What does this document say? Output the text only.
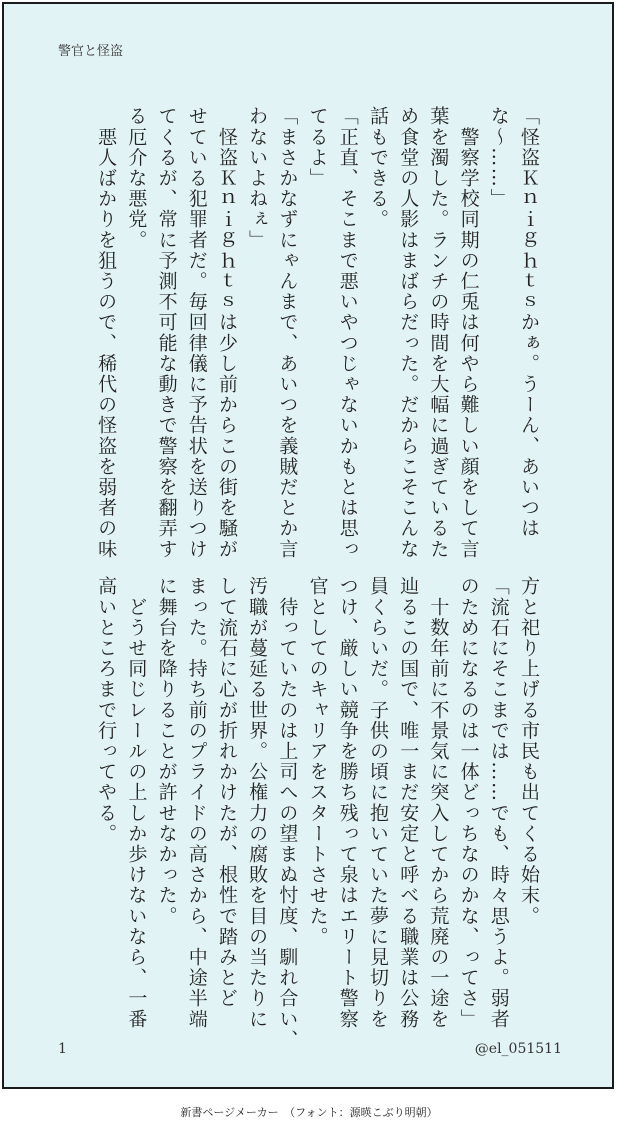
警官と怪盗

「怪盗Ｋｎｉｇｈｔｓかぁ。うーん、あいつは

な〜……」

　警察学校同期の仁兎は何やら難しい顔をして言

葉を濁した。ランチの時間を大幅に過ぎているた

め食堂の人影はまばらだった。だからこそこんな

話もできる。

「正直、そこまで悪いやつじゃないかもとは思っ

てるよ」

「まさかなずにゃんまで、あいつを義賊だとか言

わないよねぇ」

　怪盗Ｋｎｉｇｈｔｓは少し前からこの街を騒が

せている犯罪者だ。毎回律儀に予告状を送りつけ

てくるが、常に予測不可能な動きで警察を翻弄す

る厄介な悪党。

　悪人ばかりを狙うので、稀代の怪盗を弱者の味

方と祀り上げる市民も出てくる始末。

「流石にそこまでは……でも、時々思うよ。弱者

のためになるのは一体どっちなのかな、ってさ」

　十数年前に不景気に突入してから荒廃の一途を

辿るこの国で、唯一まだ安定と呼べる職業は公務

員くらいだ。子供の頃に抱いていた夢に見切りを

つけ、厳しい競争を勝ち残って泉はエリート警察

官としてのキャリアをスタートさせた。

　待っていたのは上司への望まぬ忖度、馴れ合い、

汚職が蔓延る世界。公権力の腐敗を目の当たりに

して流石に心が折れかけたが、根性で踏みとど

まった。持ち前のプライドの高さから、中途半端

に舞台を降りることが許せなかった。

　どうせ同じレールの上しか歩けないなら、一番

高いところまで行ってやる。

1	@el_051511
新書ページメーカー　（フォント：源暎こぶり明朝）
